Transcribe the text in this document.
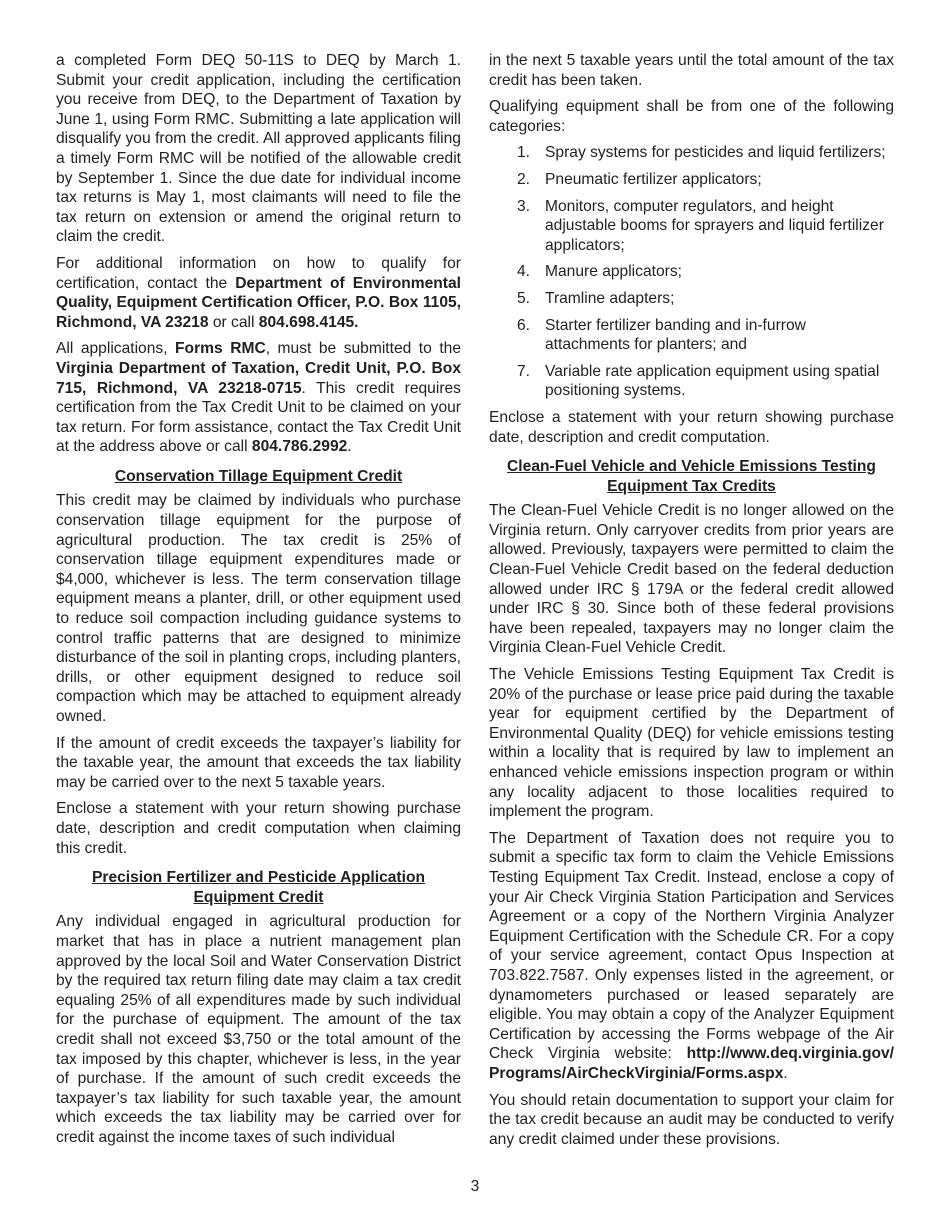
a completed Form DEQ 50-11S to DEQ by March 1. Submit your credit application, including the certification you receive from DEQ, to the Department of Taxation by June 1, using Form RMC. Submitting a late application will disqualify you from the credit. All approved applicants filing a timely Form RMC will be notified of the allowable credit by September 1. Since the due date for individual income tax returns is May 1, most claimants will need to file the tax return on extension or amend the original return to claim the credit.

For additional information on how to qualify for certification, contact the Department of Environmental Quality, Equipment Certification Officer, P.O. Box 1105, Richmond, VA 23218 or call 804.698.4145.

All applications, Forms RMC, must be submitted to the Virginia Department of Taxation, Credit Unit, P.O. Box 715, Richmond, VA 23218-0715. This credit requires certification from the Tax Credit Unit to be claimed on your tax return. For form assistance, contact the Tax Credit Unit at the address above or call 804.786.2992.

Conservation Tillage Equipment Credit

This credit may be claimed by individuals who purchase conservation tillage equipment for the purpose of agricultural production. The tax credit is 25% of conservation tillage equipment expenditures made or $4,000, whichever is less. The term conservation tillage equipment means a planter, drill, or other equipment used to reduce soil compaction including guidance systems to control traffic patterns that are designed to minimize disturbance of the soil in planting crops, including planters, drills, or other equipment designed to reduce soil compaction which may be attached to equipment already owned.

If the amount of credit exceeds the taxpayer’s liability for the taxable year, the amount that exceeds the tax liability may be carried over to the next 5 taxable years.

Enclose a statement with your return showing purchase date, description and credit computation when claiming this credit.

Precision Fertilizer and Pesticide Application
Equipment Credit

Any individual engaged in agricultural production for market that has in place a nutrient management plan approved by the local Soil and Water Conservation District by the required tax return filing date may claim a tax credit equaling 25% of all expenditures made by such individual for the purchase of equipment. The amount of the tax credit shall not exceed $3,750 or the total amount of the tax imposed by this chapter, whichever is less, in the year of purchase. If the amount of such credit exceeds the taxpayer’s tax liability for such taxable year, the amount which exceeds the tax liability may be carried over for credit against the income taxes of such individual

in the next 5 taxable years until the total amount of the tax credit has been taken.

Qualifying equipment shall be from one of the following categories:

1. Spray systems for pesticides and liquid fertilizers;
2. Pneumatic fertilizer applicators;
3. Monitors, computer regulators, and height adjustable booms for sprayers and liquid fertilizer applicators;
4. Manure applicators;
5. Tramline adapters;
6. Starter fertilizer banding and in-furrow attachments for planters; and
7. Variable rate application equipment using spatial positioning systems.

Enclose a statement with your return showing purchase date, description and credit computation.

Clean-Fuel Vehicle and Vehicle Emissions Testing
Equipment Tax Credits

The Clean-Fuel Vehicle Credit is no longer allowed on the Virginia return. Only carryover credits from prior years are allowed. Previously, taxpayers were permitted to claim the Clean-Fuel Vehicle Credit based on the federal deduction allowed under IRC § 179A or the federal credit allowed under IRC § 30. Since both of these federal provisions have been repealed, taxpayers may no longer claim the Virginia Clean-Fuel Vehicle Credit.

The Vehicle Emissions Testing Equipment Tax Credit is 20% of the purchase or lease price paid during the taxable year for equipment certified by the Department of Environmental Quality (DEQ) for vehicle emissions testing within a locality that is required by law to implement an enhanced vehicle emissions inspection program or within any locality adjacent to those localities required to implement the program.

The Department of Taxation does not require you to submit a specific tax form to claim the Vehicle Emissions Testing Equipment Tax Credit. Instead, enclose a copy of your Air Check Virginia Station Participation and Services Agreement or a copy of the Northern Virginia Analyzer Equipment Certification with the Schedule CR. For a copy of your service agreement, contact Opus Inspection at 703.822.7587. Only expenses listed in the agreement, or dynamometers purchased or leased separately are eligible. You may obtain a copy of the Analyzer Equipment Certification by accessing the Forms webpage of the Air Check Virginia website: http://www.deq.virginia.gov/ Programs/AirCheckVirginia/Forms.aspx.

You should retain documentation to support your claim for the tax credit because an audit may be conducted to verify any credit claimed under these provisions.

3
